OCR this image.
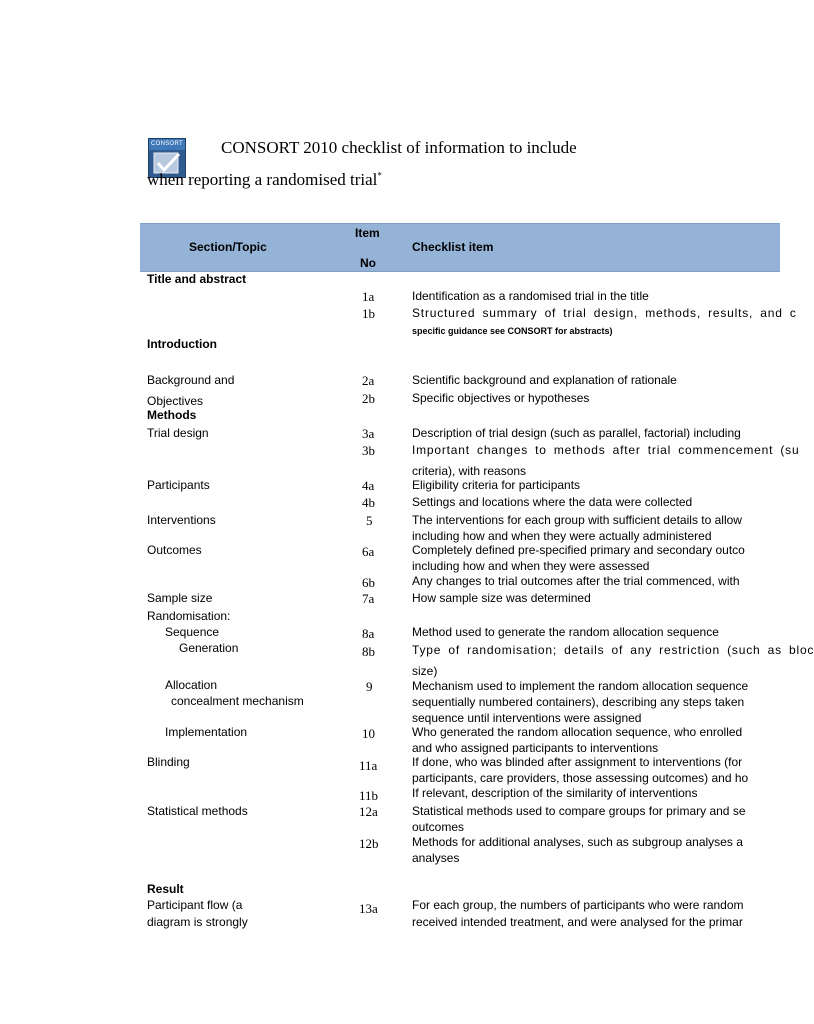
CONSORT CONSORT 2010 checklist of information to include
when reporting a randomised trial*
Section/Topic
Item
No
Checklist item
Title and abstract
1a	Identification as a randomised trial in the title
1b	Structured summary of trial design, methods, results, and c
specific guidance see CONSORT for abstracts)
Introduction
Background and	2a	Scientific background and explanation of rationale
Objectives	2b	Specific objectives or hypotheses
Methods
Trial design	3a	Description of trial design (such as parallel, factorial) including
3b	Important changes to methods after trial commencement (su
criteria), with reasons
Participants	4a	Eligibility criteria for participants
4b	Settings and locations where the data were collected
Interventions	5	The interventions for each group with sufficient details to allow
including how and when they were actually administered
Outcomes	6a	Completely defined pre-specified primary and secondary outco
including how and when they were assessed
6b	Any changes to trial outcomes after the trial commenced, with
Sample size	7a	How sample size was determined
Randomisation:
Sequence	8a	Method used to generate the random allocation sequence
Generation	8b	Type of randomisation; details of any restriction (such as bloc
size)
Allocation
concealment mechanism
9	Mechanism used to implement the random allocation sequence
sequentially numbered containers), describing any steps taken
sequence until interventions were assigned
Implementation	10	Who generated the random allocation sequence, who enrolled
and who assigned participants to interventions
Blinding	11a	If done, who was blinded after assignment to interventions (for
participants, care providers, those assessing outcomes) and ho
11b	If relevant, description of the similarity of interventions
Statistical methods	12a	Statistical methods used to compare groups for primary and se
outcomes
12b	Methods for additional analyses, such as subgroup analyses a
analyses
Result
Participant flow (a
diagram is strongly
13a	For each group, the numbers of participants who were random
received intended treatment, and were analysed for the primar
